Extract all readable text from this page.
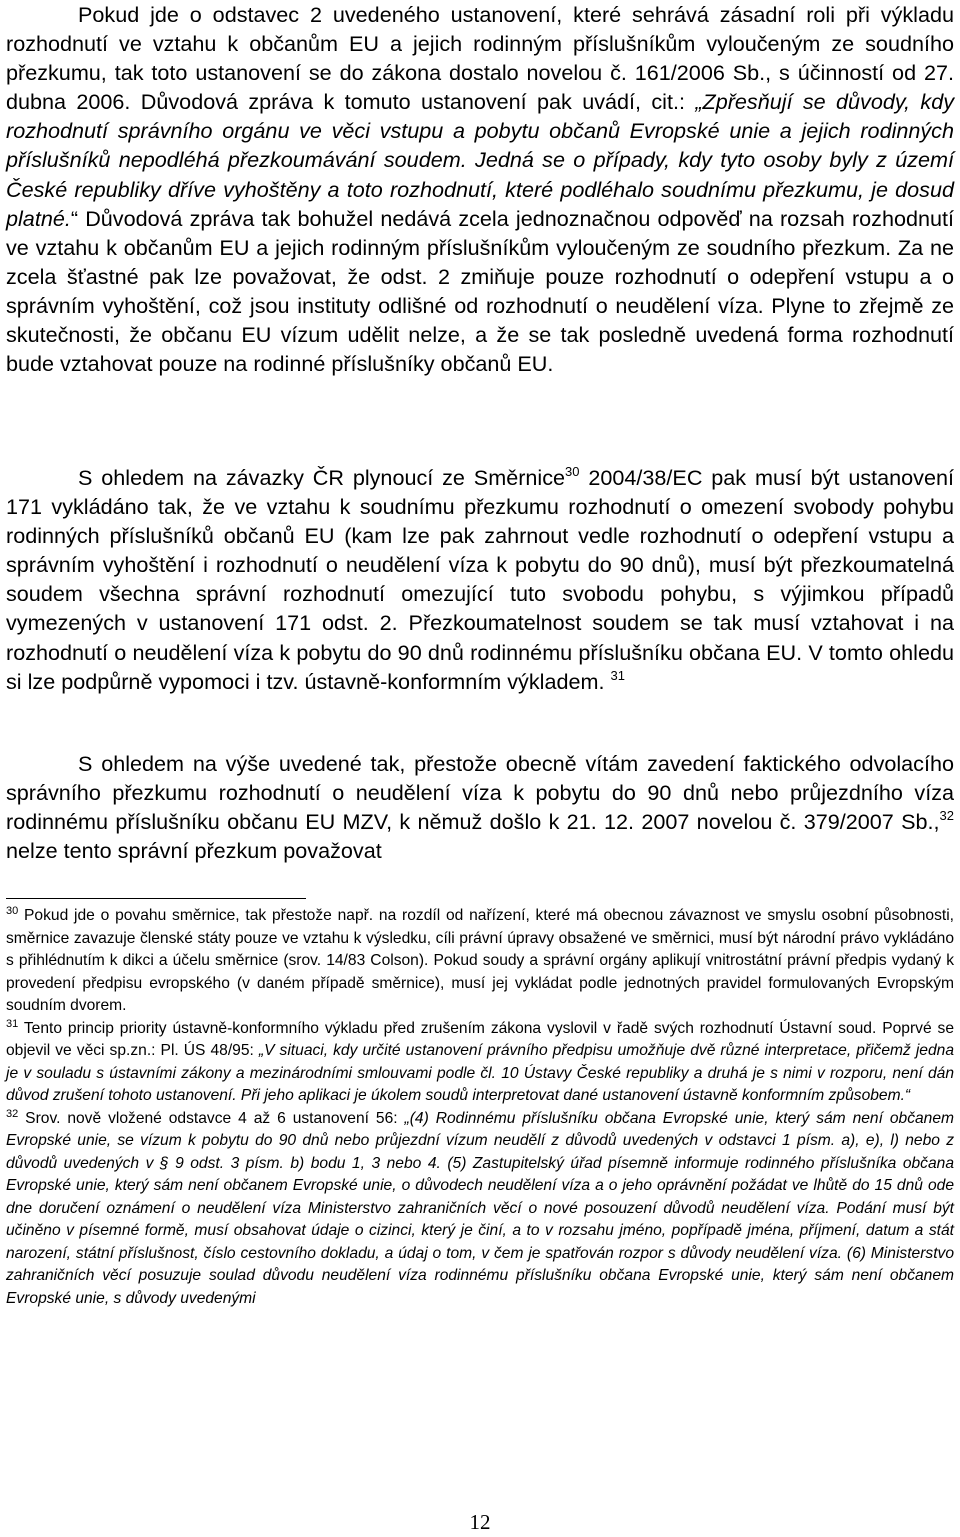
Pokud jde o odstavec 2 uvedeného ustanovení, které sehrává zásadní roli při výkladu rozhodnutí ve vztahu k občanům EU a jejich rodinným příslušníkům vyloučeným ze soudního přezkumu, tak toto ustanovení se do zákona dostalo novelou č. 161/2006 Sb., s účinností od 27. dubna 2006. Důvodová zpráva k tomuto ustanovení pak uvádí, cit.: „Zpřesňují se důvody, kdy rozhodnutí správního orgánu ve věci vstupu a pobytu občanů Evropské unie a jejich rodinných příslušníků nepodléhá přezkoumávání soudem. Jedná se o případy, kdy tyto osoby byly z území České republiky dříve vyhoštěny a toto rozhodnutí, které podléhalo soudnímu přezkumu, je dosud platné.“ Důvodová zpráva tak bohužel nedává zcela jednoznačnou odpověď na rozsah rozhodnutí ve vztahu k občanům EU a jejich rodinným příslušníkům vyloučeným ze soudního přezkum. Za ne zcela šťastné pak lze považovat, že odst. 2 zmiňuje pouze rozhodnutí o odepření vstupu a o správním vyhoštění, což jsou instituty odlišné od rozhodnutí o neudělení víza. Plyne to zřejmě ze skutečnosti, že občanu EU vízum udělit nelze, a že se tak posledně uvedená forma rozhodnutí bude vztahovat pouze na rodinné příslušníky občanů EU.

S ohledem na závazky ČR plynoucí ze Směrnice$^{30}$ 2004/38/EC pak musí být ustanovení 171 vykládáno tak, že ve vztahu k soudnímu přezkumu rozhodnutí o omezení svobody pohybu rodinných příslušníků občanů EU (kam lze pak zahrnout vedle rozhodnutí o odepření vstupu a správním vyhoštění i rozhodnutí o neudělení víza k pobytu do 90 dnů), musí být přezkoumatelná soudem všechna správní rozhodnutí omezující tuto svobodu pohybu, s výjimkou případů vymezených v ustanovení 171 odst. 2. Přezkoumatelnost soudem se tak musí vztahovat i na rozhodnutí o neudělení víza k pobytu do 90 dnů rodinnému příslušníku občana EU. V tomto ohledu si lze podpůrně vypomoci i tzv. ústavně-konformním výkladem. $^{31}$

S ohledem na výše uvedené tak, přestože obecně vítám zavedení faktického odvolacího správního přezkumu rozhodnutí o neudělení víza k pobytu do 90 dnů nebo průjezdního víza rodinnému příslušníku občanu EU MZV, k němuž došlo k 21. 12. 2007 novelou č. 379/2007 Sb.,$^{32}$ nelze tento správní přezkum považovat

$^{30}$ Pokud jde o povahu směrnice, tak přestože např. na rozdíl od nařízení, které má obecnou závaznost ve smyslu osobní působnosti, směrnice zavazuje členské státy pouze ve vztahu k výsledku, cíli právní úpravy obsažené ve směrnici, musí být národní právo vykládáno s přihlédnutím k dikci a účelu směrnice (srov. 14/83 Colson). Pokud soudy a správní orgány aplikují vnitrostátní právní předpis vydaný k provedení předpisu evropského (v daném případě směrnice), musí jej vykládat podle jednotných pravidel formulovaných Evropským soudním dvorem.

$^{31}$ Tento princip priority ústavně-konformního výkladu před zrušením zákona vyslovil v řadě svých rozhodnutí Ústavní soud. Poprvé se objevil ve věci sp.zn.: Pl. ÚS 48/95: „V situaci, kdy určité ustanovení právního předpisu umožňuje dvě různé interpretace, přičemž jedna je v souladu s ústavními zákony a mezinárodními smlouvami podle čl. 10 Ústavy České republiky a druhá je s nimi v rozporu, není dán důvod zrušení tohoto ustanovení. Při jeho aplikaci je úkolem soudů interpretovat dané ustanovení ústavně konformním způsobem.“

$^{32}$ Srov. nově vložené odstavce 4 až 6 ustanovení 56: „(4) Rodinnému příslušníku občana Evropské unie, který sám není občanem Evropské unie, se vízum k pobytu do 90 dnů nebo průjezdní vízum neudělí z důvodů uvedených v odstavci 1 písm. a), e), l) nebo z důvodů uvedených v § 9 odst. 3 písm. b) bodu 1, 3 nebo 4. (5) Zastupitelský úřad písemně informuje rodinného příslušníka občana Evropské unie, který sám není občanem Evropské unie, o důvodech neudělení víza a o jeho oprávnění požádat ve lhůtě do 15 dnů ode dne doručení oznámení o neudělení víza Ministerstvo zahraničních věcí o nové posouzení důvodů neudělení víza. Podání musí být učiněno v písemné formě, musí obsahovat údaje o cizinci, který je činí, a to v rozsahu jméno, popřípadě jména, příjmení, datum a stát narození, státní příslušnost, číslo cestovního dokladu, a údaj o tom, v čem je spatřován rozpor s důvody neudělení víza. (6) Ministerstvo zahraničních věcí posuzuje soulad důvodu neudělení víza rodinnému příslušníku občana Evropské unie, který sám není občanem Evropské unie, s důvody uvedenými

12
